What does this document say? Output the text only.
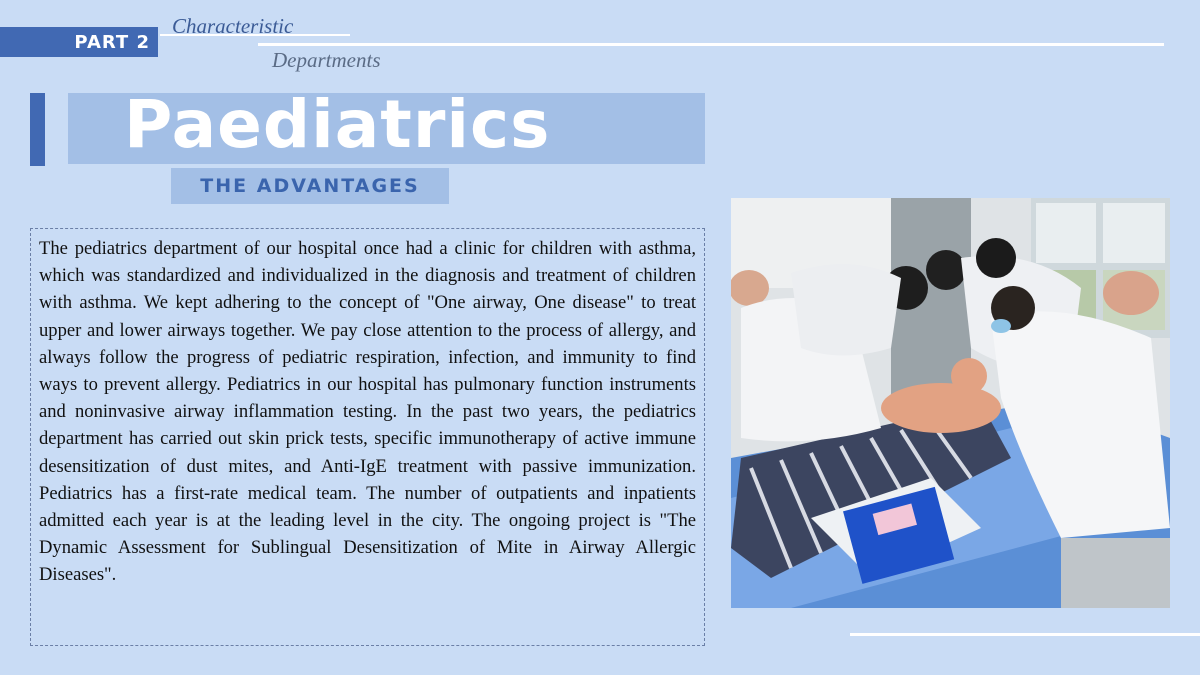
PART 2
Characteristic
Departments
Paediatrics
THE ADVANTAGES

The pediatrics department of our hospital once had a clinic for children with asthma, which was standardized and individualized in the diagnosis and treatment of children with asthma. We kept adhering to the concept of "One airway, One disease" to treat upper and lower airways together. We pay close attention to the process of allergy, and always follow the progress of pediatric respiration, infection, and immunity to find ways to prevent allergy. Pediatrics in our hospital has pulmonary function instruments and noninvasive airway inflammation testing. In the past two years, the pediatrics department has carried out skin prick tests, specific immunotherapy of active immune desensitization of dust mites, and Anti-IgE treatment with passive immunization. Pediatrics has a first-rate medical team. The number of outpatients and inpatients admitted each year is at the leading level in the city. The ongoing project is "The Dynamic Assessment for Sublingual Desensitization of Mite in Airway Allergic Diseases".
